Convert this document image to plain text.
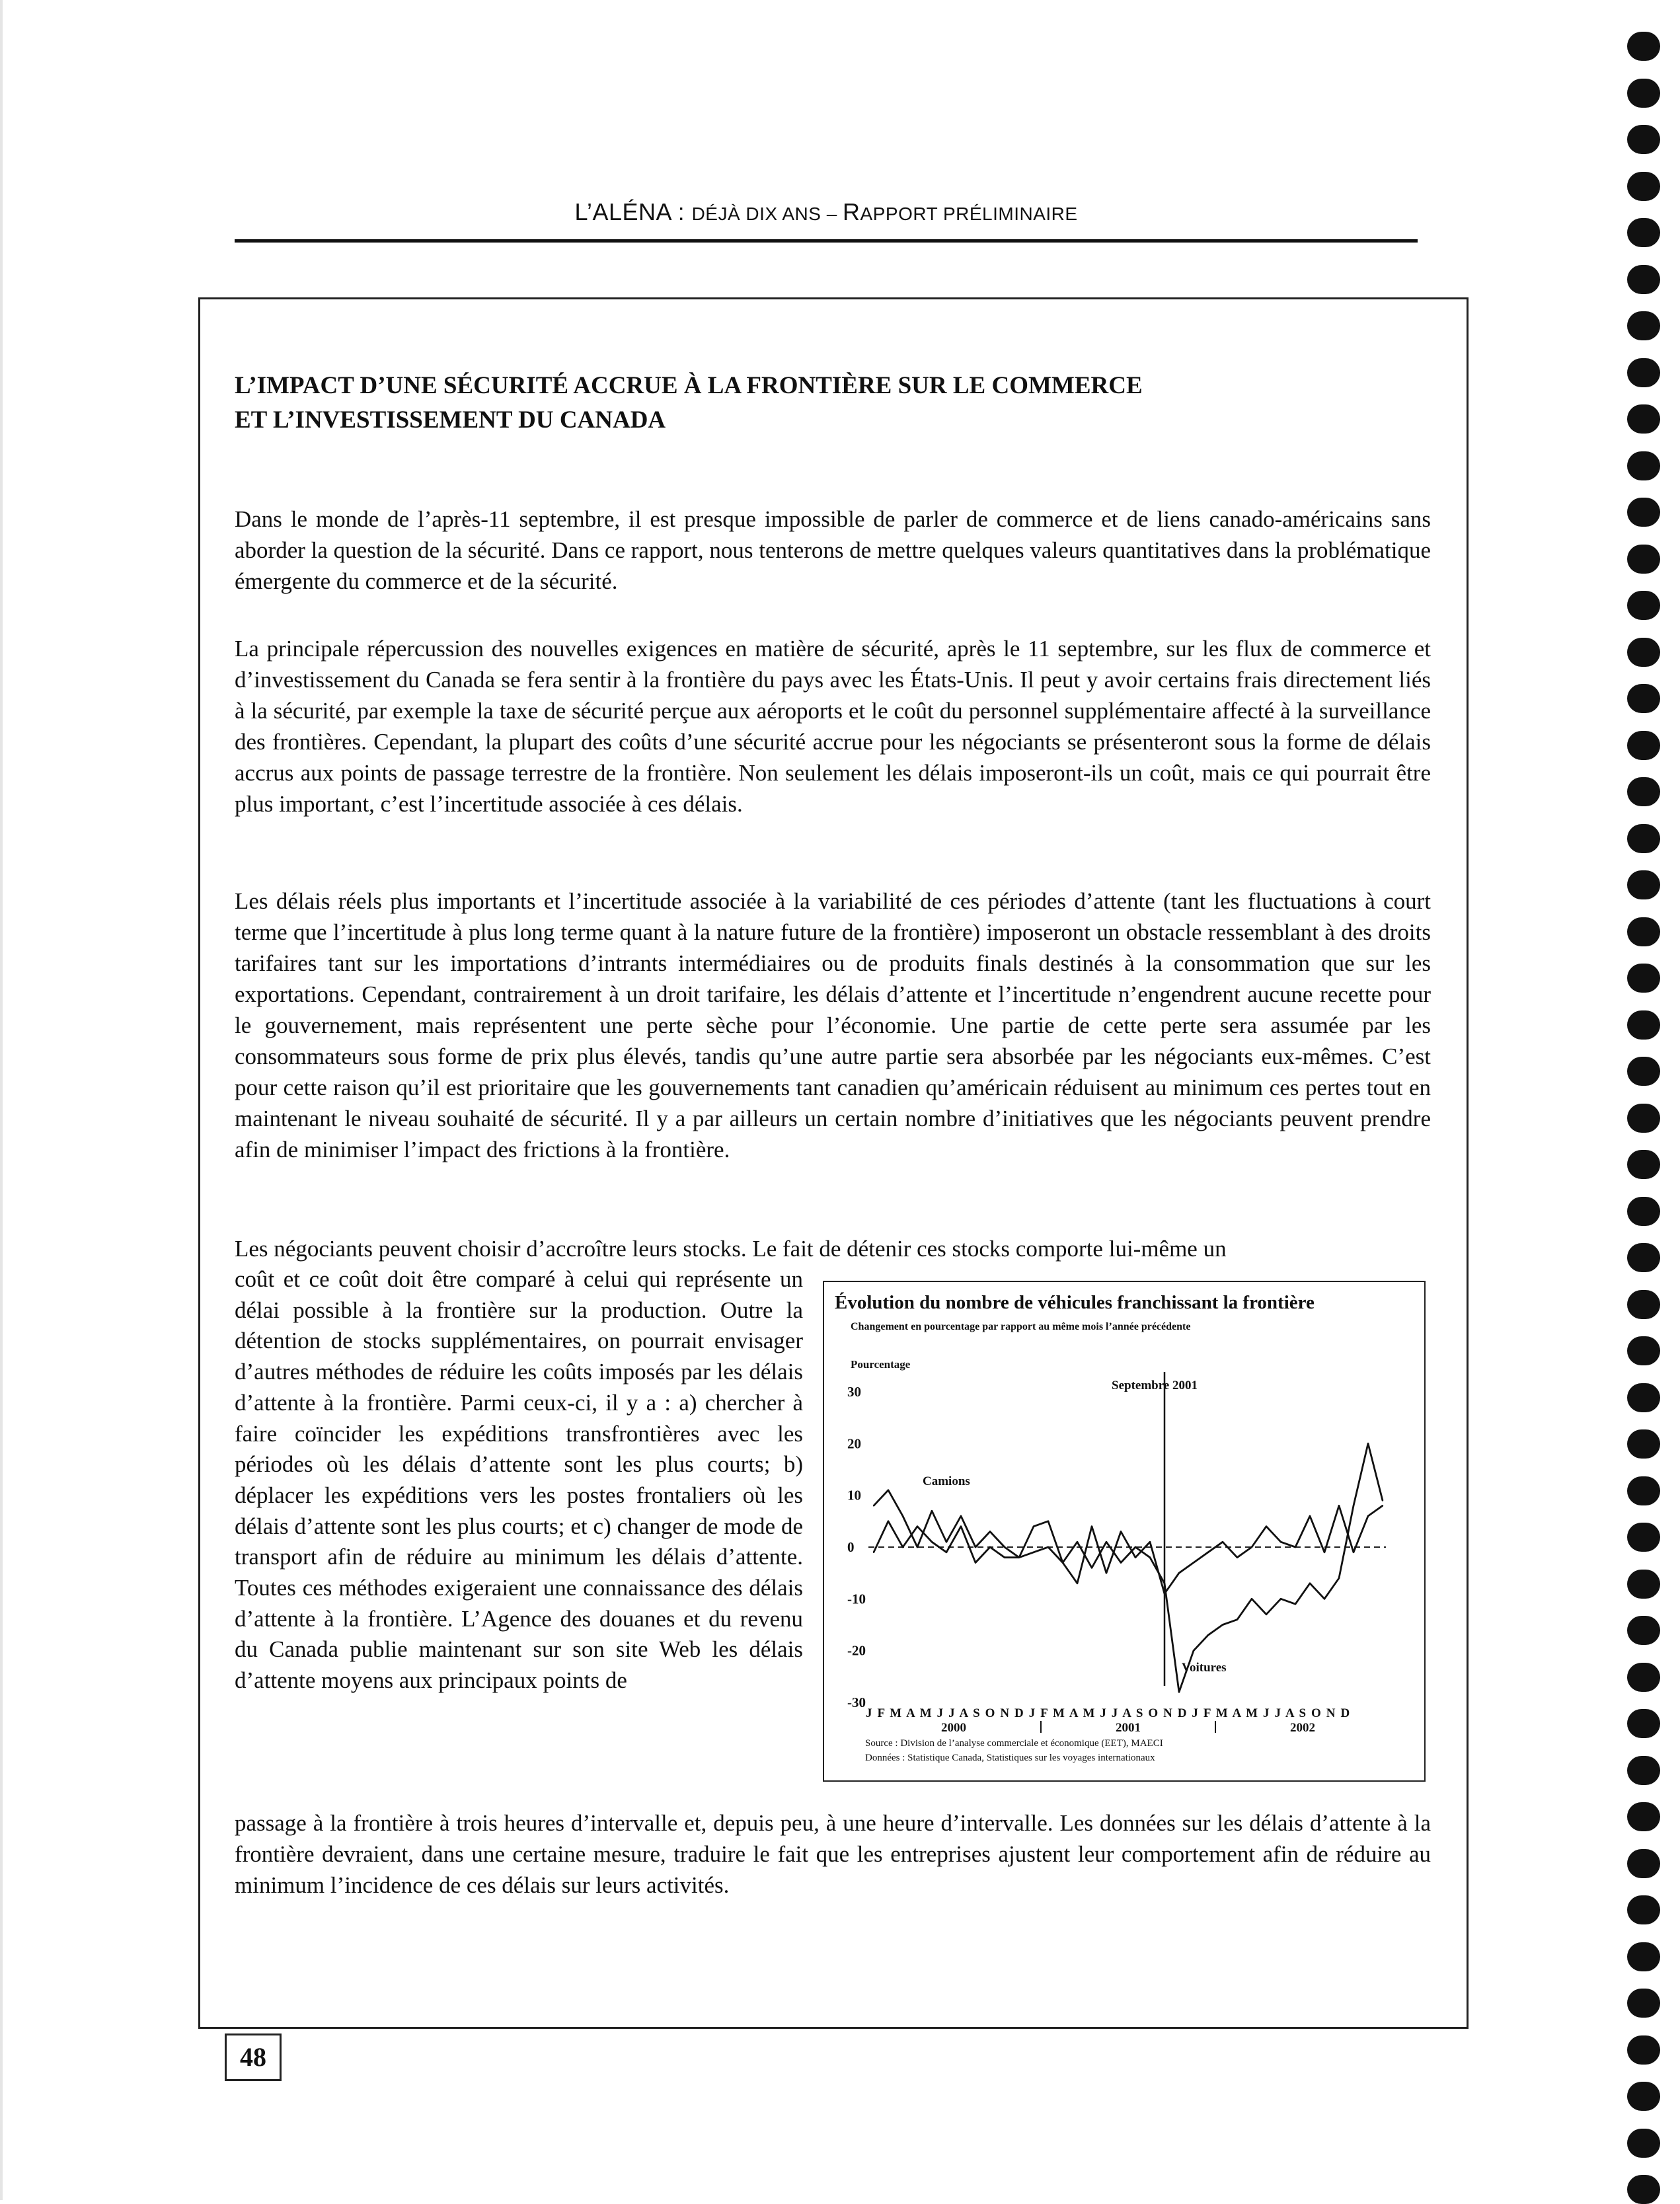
L’ALÉNA : DÉJÀ DIX ANS – RAPPORT PRÉLIMINAIRE
L’IMPACT D’UNE SÉCURITÉ ACCRUE À LA FRONTIÈRE SUR LE COMMERCE
ET L’INVESTISSEMENT DU CANADA

Dans le monde de l’après-11 septembre, il est presque impossible de parler de commerce et de liens canado-américains sans aborder la question de la sécurité. Dans ce rapport, nous tenterons de mettre quelques valeurs quantitatives dans la problématique émergente du commerce et de la sécurité.

La principale répercussion des nouvelles exigences en matière de sécurité, après le 11 septembre, sur les flux de commerce et d’investissement du Canada se fera sentir à la frontière du pays avec les États-Unis. Il peut y avoir certains frais directement liés à la sécurité, par exemple la taxe de sécurité perçue aux aéroports et le coût du personnel supplémentaire affecté à la surveillance des frontières. Cependant, la plupart des coûts d’une sécurité accrue pour les négociants se présenteront sous la forme de délais accrus aux points de passage terrestre de la frontière. Non seulement les délais imposeront-ils un coût, mais ce qui pourrait être plus important, c’est l’incertitude associée à ces délais.

Les délais réels plus importants et l’incertitude associée à la variabilité de ces périodes d’attente (tant les fluctuations à court terme que l’incertitude à plus long terme quant à la nature future de la frontière) imposeront un obstacle ressemblant à des droits tarifaires tant sur les importations d’intrants intermédiaires ou de produits finals destinés à la consommation que sur les exportations. Cependant, contrairement à un droit tarifaire, les délais d’attente et l’incertitude n’engendrent aucune recette pour le gouvernement, mais représentent une perte sèche pour l’économie. Une partie de cette perte sera assumée par les consommateurs sous forme de prix plus élevés, tandis qu’une autre partie sera absorbée par les négociants eux-mêmes. C’est pour cette raison qu’il est prioritaire que les gouvernements tant canadien qu’américain réduisent au minimum ces pertes tout en maintenant le niveau souhaité de sécurité. Il y a par ailleurs un certain nombre d’initiatives que les négociants peuvent prendre afin de minimiser l’impact des frictions à la frontière.

Les négociants peuvent choisir d’accroître leurs stocks. Le fait de détenir ces stocks comporte lui-même un
coût et ce coût doit être comparé à celui qui représente un délai possible à la frontière sur la production. Outre la détention de stocks supplémentaires, on pourrait envisager d’autres méthodes de réduire les coûts imposés par les délais d’attente à la frontière. Parmi ceux-ci, il y a : a) chercher à faire coïncider les expéditions transfrontières avec les périodes où les délais d’attente sont les plus courts; b) déplacer les expéditions vers les postes frontaliers où les délais d’attente sont les plus courts; et c) changer de mode de transport afin de réduire au minimum les délais d’attente. Toutes ces méthodes exigeraient une connaissance des délais d’attente à la frontière. L’Agence des douanes et du revenu du Canada publie maintenant sur son site Web les délais d’attente moyens aux principaux points de
passage à la frontière à trois heures d’intervalle et, depuis peu, à une heure d’intervalle. Les données sur les délais d’attente à la frontière devraient, dans une certaine mesure, traduire le fait que les entreprises ajustent leur comportement afin de réduire au minimum l’incidence de ces délais sur leurs activités.
Évolution du nombre de véhicules franchissant la frontière
Changement en pourcentage par rapport au même mois l’année précédente
Pourcentage
30
20
10
0
-10
-20
-30
Septembre 2001
Camions
Voitures
J F M A M J J A S O N D J F M A M J J A S O N D J F M A M J J A S O N D
2000	2001	2002
Source : Division de l’analyse commerciale et économique (EET), MAECI
Données : Statistique Canada, Statistiques sur les voyages internationaux
48
